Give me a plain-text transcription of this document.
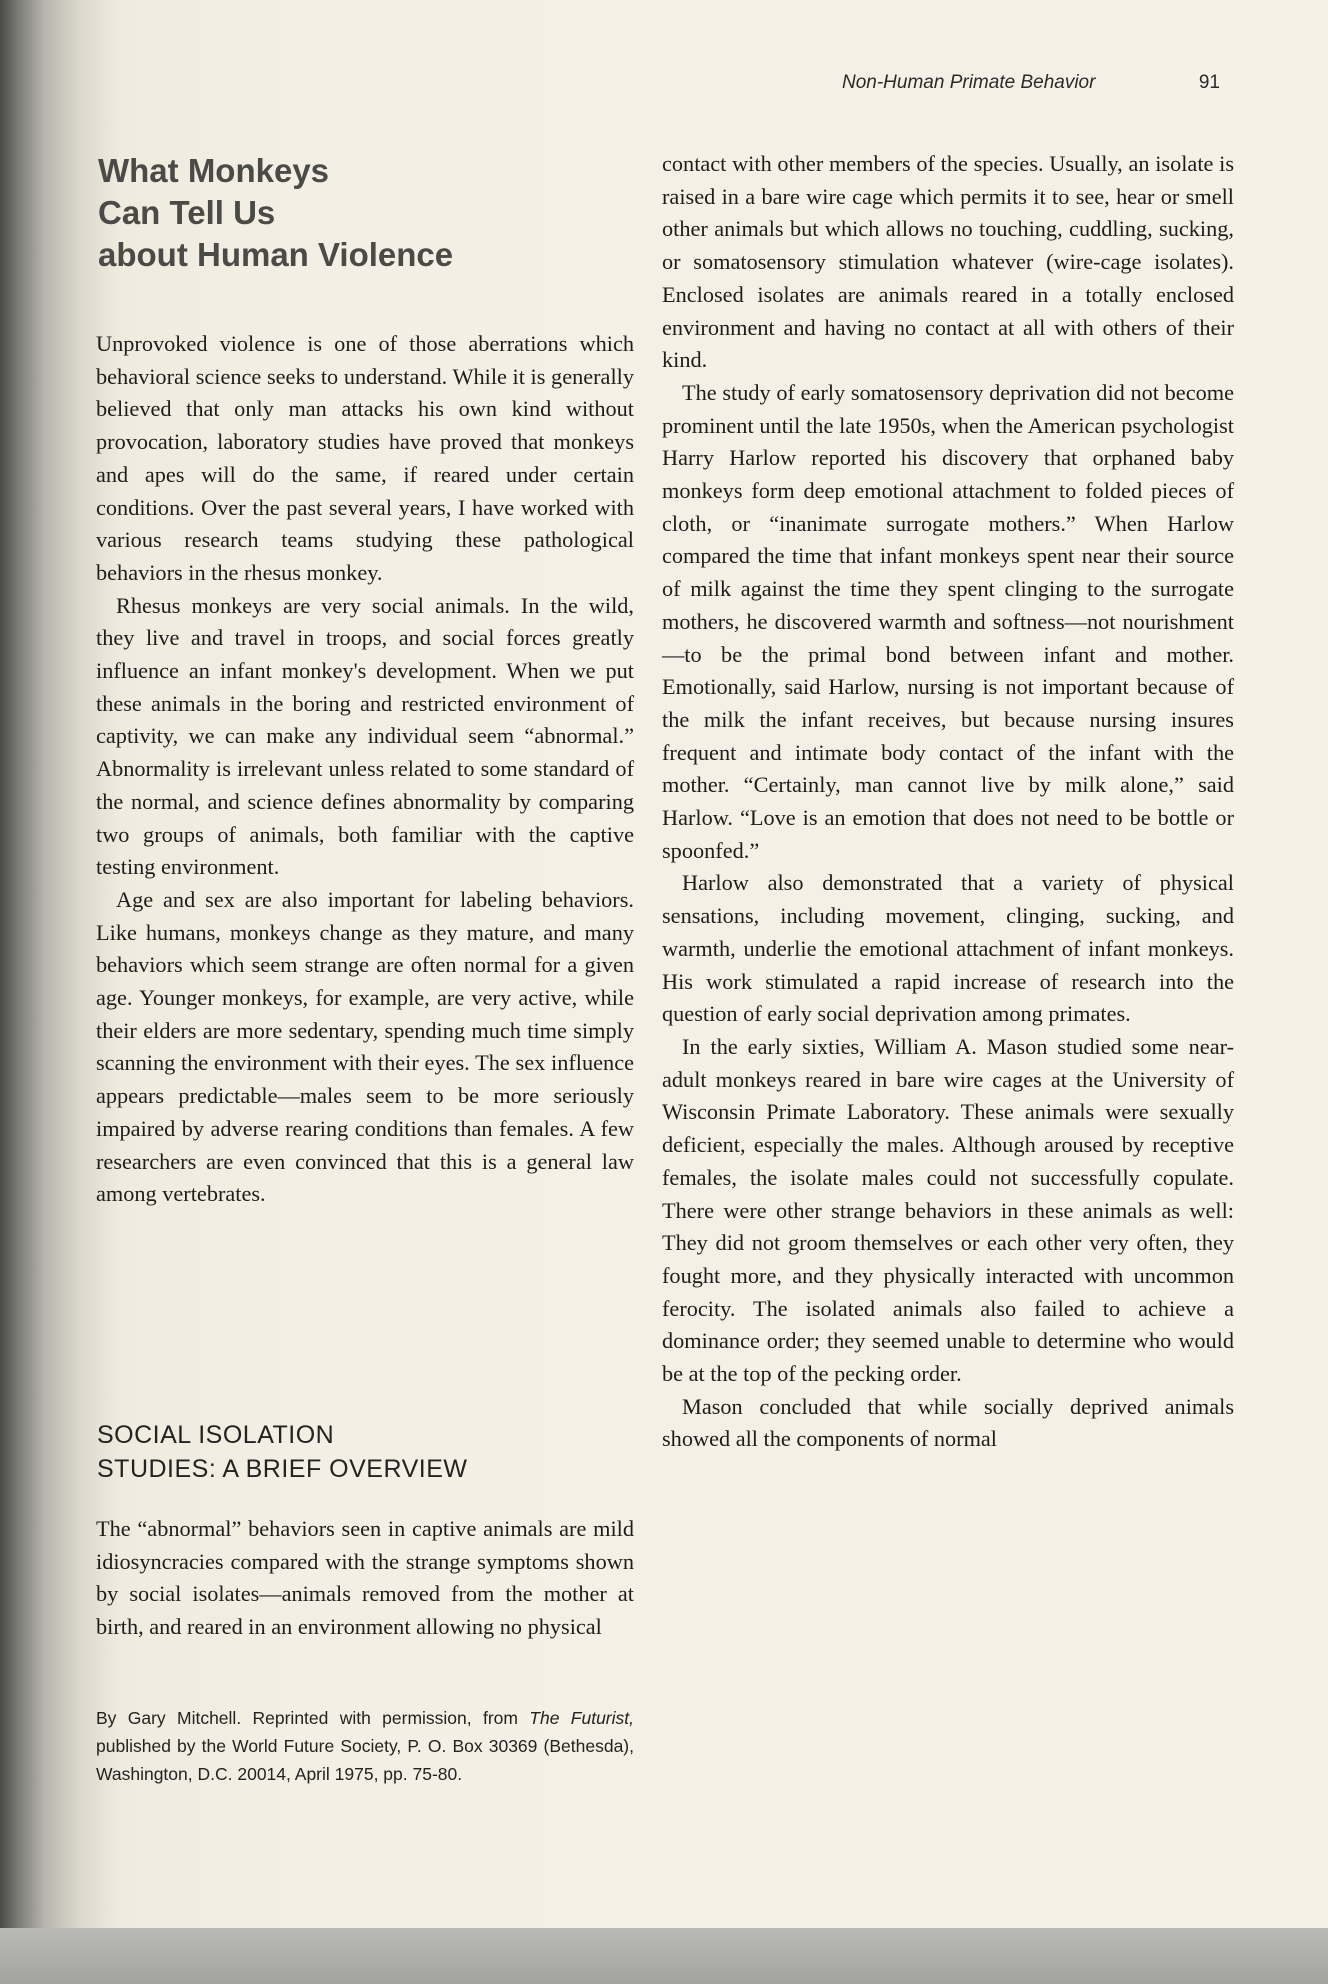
Non-Human Primate Behavior	91
What Monkeys
Can Tell Us
about Human Violence

Unprovoked violence is one of those aberrations which behavioral science seeks to understand. While it is generally believed that only man attacks his own kind without provocation, laboratory studies have proved that monkeys and apes will do the same, if reared under certain conditions. Over the past several years, I have worked with various research teams studying these pathological behaviors in the rhesus monkey.

Rhesus monkeys are very social animals. In the wild, they live and travel in troops, and social forces greatly influence an infant monkey's development. When we put these animals in the boring and restricted environment of captivity, we can make any individual seem “abnormal.” Abnormality is irrelevant unless related to some standard of the normal, and science defines abnormality by comparing two groups of animals, both familiar with the captive testing environment.

Age and sex are also important for labeling behaviors. Like humans, monkeys change as they mature, and many behaviors which seem strange are often normal for a given age. Younger monkeys, for example, are very active, while their elders are more sedentary, spending much time simply scanning the environment with their eyes. The sex influence appears predictable—males seem to be more seriously impaired by adverse rearing conditions than females. A few researchers are even convinced that this is a general law among vertebrates.

SOCIAL ISOLATION
STUDIES: A BRIEF OVERVIEW

The “abnormal” behaviors seen in captive animals are mild idiosyncracies compared with the strange symptoms shown by social isolates—animals removed from the mother at birth, and reared in an environment allowing no physical

By Gary Mitchell. Reprinted with permission, from The Futurist, published by the World Future Society, P. O. Box 30369 (Bethesda), Washington, D.C. 20014, April 1975, pp. 75-80.

contact with other members of the species. Usually, an isolate is raised in a bare wire cage which permits it to see, hear or smell other animals but which allows no touching, cuddling, sucking, or somatosensory stimulation whatever (wire-cage isolates). Enclosed isolates are animals reared in a totally enclosed environment and having no contact at all with others of their kind.

The study of early somatosensory deprivation did not become prominent until the late 1950s, when the American psychologist Harry Harlow reported his discovery that orphaned baby monkeys form deep emotional attachment to folded pieces of cloth, or “inanimate surrogate mothers.” When Harlow compared the time that infant monkeys spent near their source of milk against the time they spent clinging to the surrogate mothers, he discovered warmth and softness—not nourishment—to be the primal bond between infant and mother. Emotionally, said Harlow, nursing is not important because of the milk the infant receives, but because nursing insures frequent and intimate body contact of the infant with the mother. “Certainly, man cannot live by milk alone,” said Harlow. “Love is an emotion that does not need to be bottle or spoonfed.”

Harlow also demonstrated that a variety of physical sensations, including movement, clinging, sucking, and warmth, underlie the emotional attachment of infant monkeys. His work stimulated a rapid increase of research into the question of early social deprivation among primates.

In the early sixties, William A. Mason studied some near-adult monkeys reared in bare wire cages at the University of Wisconsin Primate Laboratory. These animals were sexually deficient, especially the males. Although aroused by receptive females, the isolate males could not successfully copulate. There were other strange behaviors in these animals as well: They did not groom themselves or each other very often, they fought more, and they physically interacted with uncommon ferocity. The isolated animals also failed to achieve a dominance order; they seemed unable to determine who would be at the top of the pecking order.

Mason concluded that while socially deprived animals showed all the components of normal
